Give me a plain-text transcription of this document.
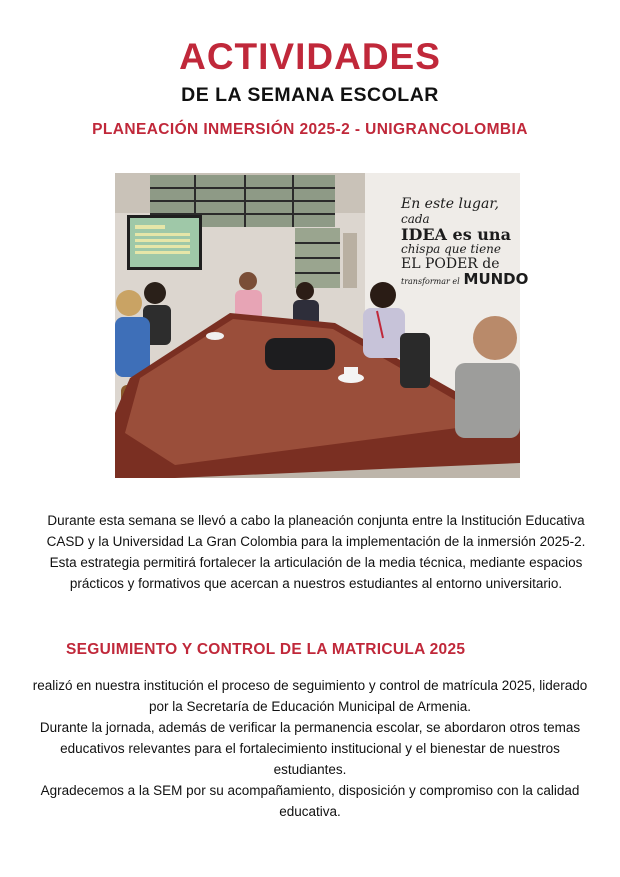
ACTIVIDADES
DE LA SEMANA ESCOLAR
PLANEACIÓN INMERSIÓN 2025-2 - UNIGRANCOLOMBIA
En este lugar,
cada
IDEA es una
chispa que tiene
EL PODER de
transformar el MUNDO

Durante esta semana se llevó a cabo la planeación conjunta entre la Institución Educativa CASD y la Universidad La Gran Colombia para la implementación de la inmersión 2025-2. Esta estrategia permitirá fortalecer la articulación de la media técnica, mediante espacios prácticos y formativos que acercan a nuestros estudiantes al entorno universitario.

SEGUIMIENTO Y CONTROL DE LA MATRICULA 2025

realizó en nuestra institución el proceso de seguimiento y control de matrícula 2025, liderado por la Secretaría de Educación Municipal de Armenia.
Durante la jornada, además de verificar la permanencia escolar, se abordaron otros temas educativos relevantes para el fortalecimiento institucional y el bienestar de nuestros estudiantes.
Agradecemos a la SEM por su acompañamiento, disposición y compromiso con la calidad educativa.
